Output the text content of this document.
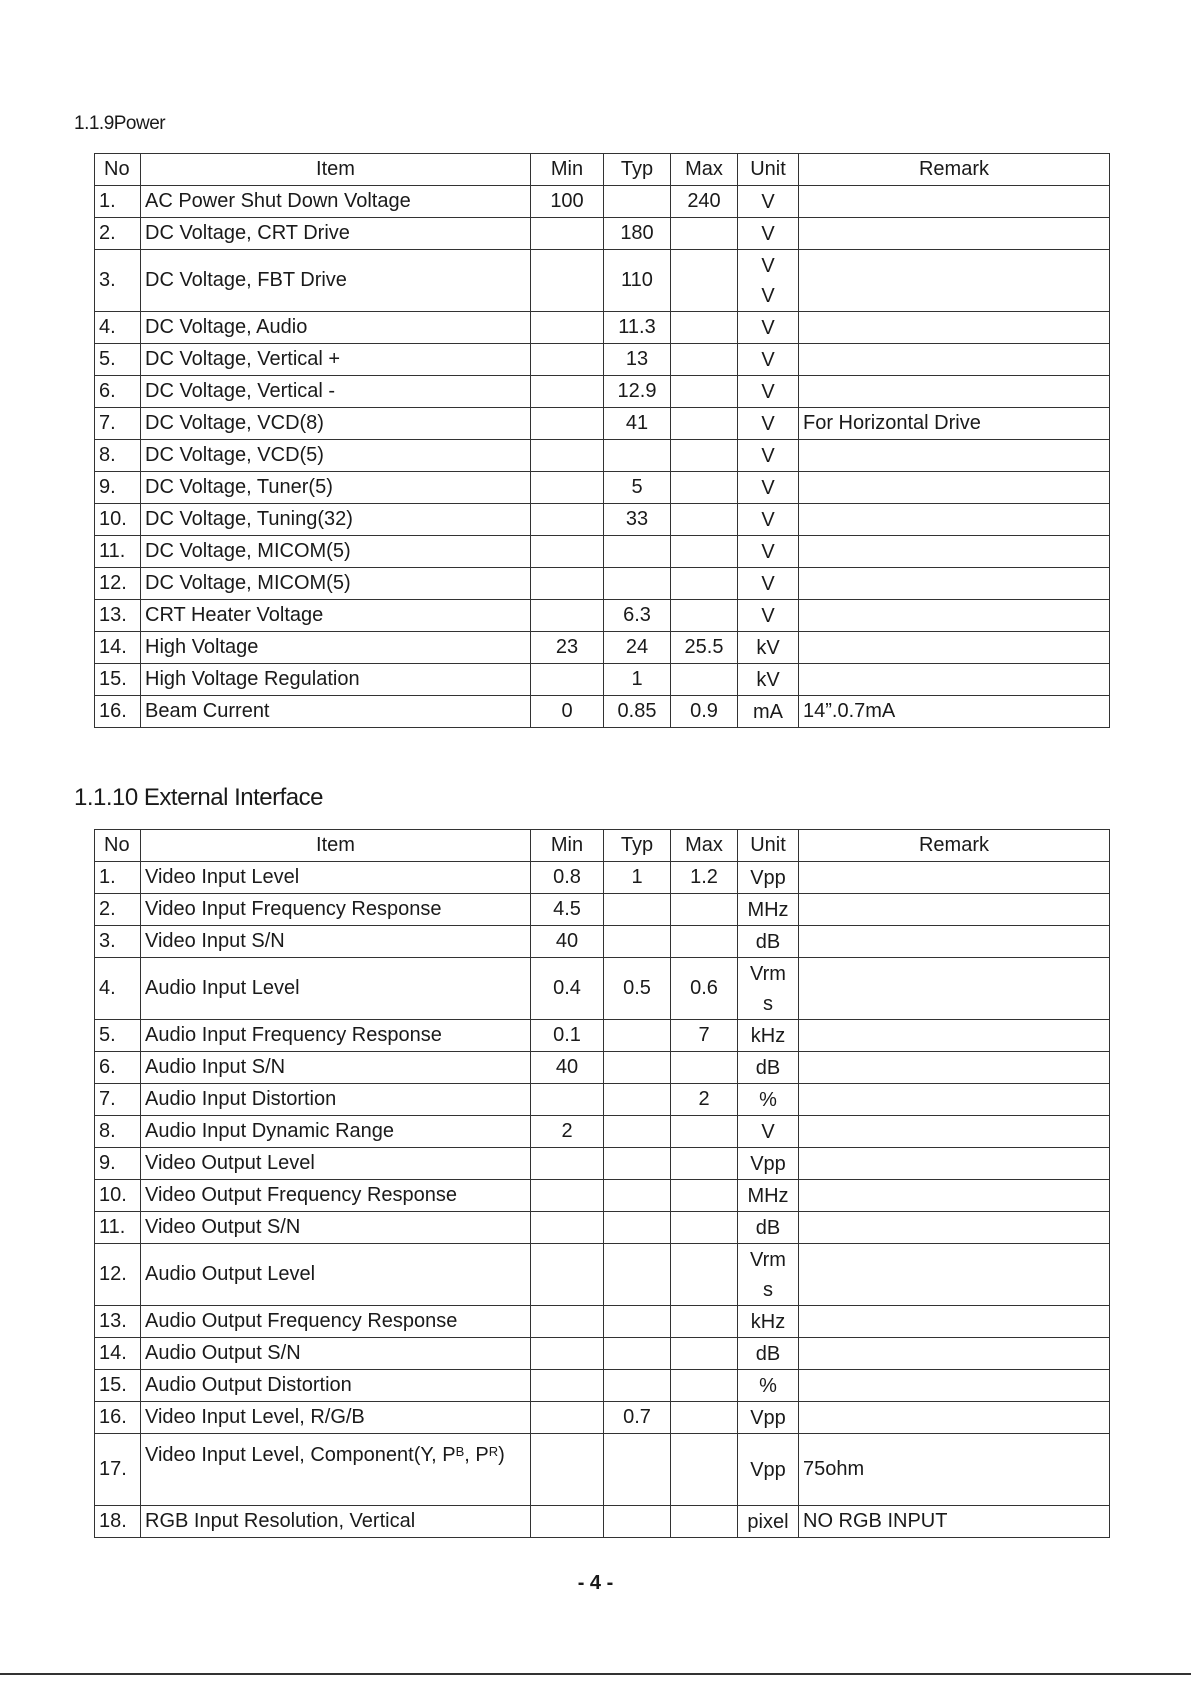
1.1.9Power
No	Item	Min	Typ	Max	Unit	Remark
1.	AC Power Shut Down Voltage	100		240	V	

2.	DC Voltage, CRT Drive		180		V	

3.	DC Voltage, FBT Drive		110		V
V	

4.	DC Voltage, Audio		11.3		V	

5.	DC Voltage, Vertical +		13		V	

6.	DC Voltage, Vertical -		12.9		V	

7.	DC Voltage, VCD(8)		41		V	For Horizontal Drive
8.	DC Voltage, VCD(5)				V	

9.	DC Voltage, Tuner(5)		5		V	

10.	DC Voltage, Tuning(32)		33		V	

11.	DC Voltage, MICOM(5)				V	

12.	DC Voltage, MICOM(5)				V	

13.	CRT Heater Voltage		6.3		V	

14.	High Voltage	23	24	25.5	kV	

15.	High Voltage Regulation		1		kV	

16.	Beam Current	0	0.85	0.9	mA	14”.0.7mA
1.1.10 External Interface
No	Item	Min	Typ	Max	Unit	Remark
1.	Video Input Level	0.8	1	1.2	Vpp	

2.	Video Input Frequency Response	4.5			MHz	

3.	Video Input S/N	40			dB	

4.	Audio Input Level	0.4	0.5	0.6	Vrm
s	

5.	Audio Input Frequency Response	0.1		7	kHz	

6.	Audio Input S/N	40			dB	

7.	Audio Input Distortion			2	%	

8.	Audio Input Dynamic Range	2			V	

9.	Video Output Level				Vpp	

10.	Video Output Frequency Response				MHz	

11.	Video Output S/N				dB	

12.	Audio Output Level				Vrm
s	

13.	Audio Output Frequency Response				kHz	

14.	Audio Output S/N				dB	

15.	Audio Output Distortion				%	

16.	Video Input Level, R/G/B		0.7		Vpp	

17.	Video Input Level, Component(Y, $P^B$, $P^R$)				Vpp	75ohm
18.	RGB Input Resolution, Vertical				pixel	NO RGB INPUT
- 4 -
